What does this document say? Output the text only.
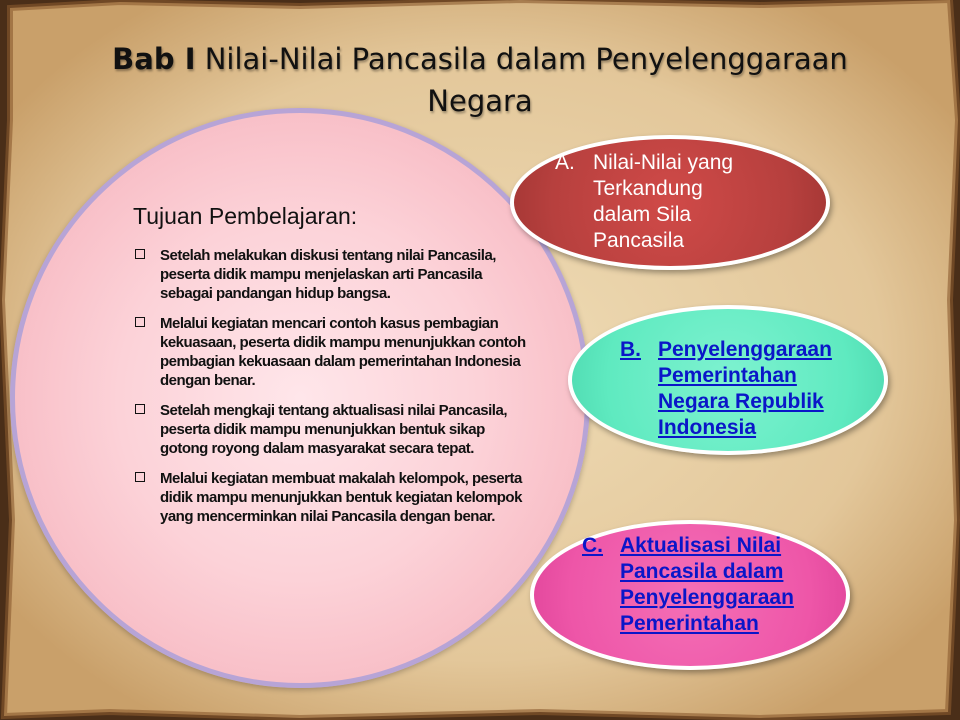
Bab I Nilai-Nilai Pancasila dalam Penyelenggaraan
Negara
Tujuan Pembelajaran:
Setelah melakukan diskusi tentang nilai Pancasila, peserta didik mampu menjelaskan arti Pancasila sebagai pandangan hidup bangsa.
Melalui kegiatan mencari contoh kasus pembagian kekuasaan, peserta didik mampu menunjukkan contoh pembagian kekuasaan dalam pemerintahan Indonesia dengan benar.
Setelah mengkaji tentang aktualisasi nilai Pancasila, peserta didik mampu menunjukkan bentuk sikap gotong royong dalam masyarakat secara tepat.
Melalui kegiatan membuat makalah kelompok, peserta didik mampu menunjukkan bentuk kegiatan kelompok yang mencerminkan nilai Pancasila dengan benar.
A. Nilai-Nilai yang
Terkandung
dalam Sila
Pancasila
B. Penyelenggaraan
Pemerintahan
Negara Republik
Indonesia
C. Aktualisasi Nilai
Pancasila dalam
Penyelenggaraan
Pemerintahan
